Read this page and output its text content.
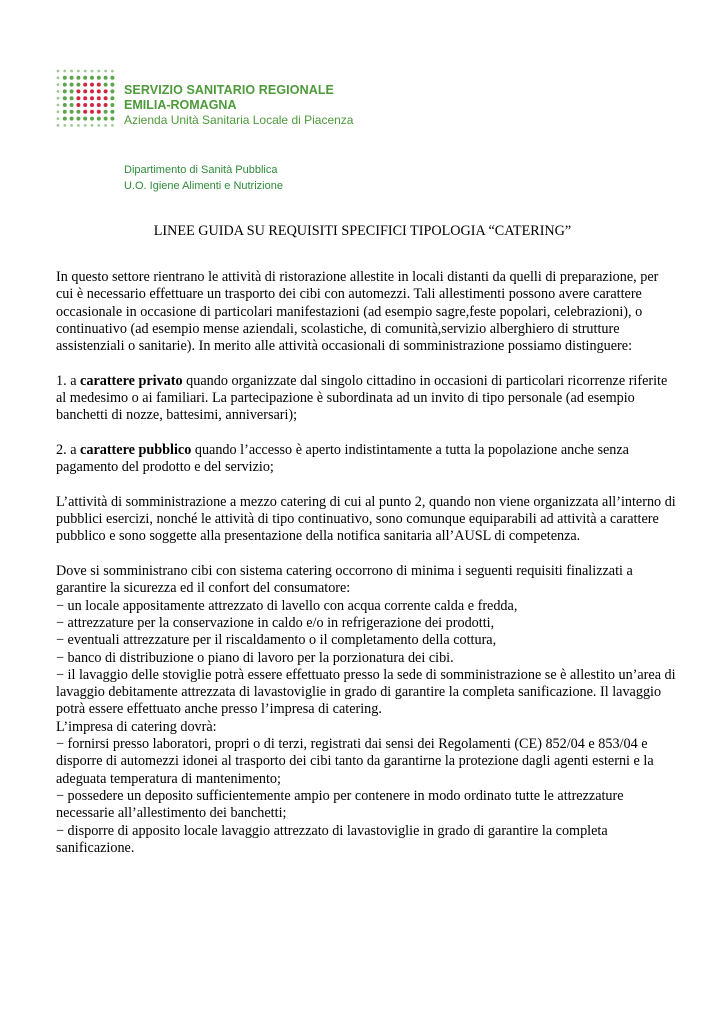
SERVIZIO SANITARIO REGIONALE
EMILIA-ROMAGNA
Azienda Unità Sanitaria Locale di Piacenza
Dipartimento di Sanità Pubblica
U.O. Igiene Alimenti e Nutrizione
LINEE GUIDA SU REQUISITI SPECIFICI TIPOLOGIA “CATERING”

In questo settore rientrano le attività di ristorazione allestite in locali distanti da quelli di preparazione, per cui è necessario effettuare un trasporto dei cibi con automezzi. Tali allestimenti possono avere carattere occasionale in occasione di particolari manifestazioni (ad esempio sagre,feste popolari, celebrazioni), o continuativo (ad esempio mense aziendali, scolastiche, di comunità,servizio alberghiero di strutture assistenziali o sanitarie). In merito alle attività occasionali di somministrazione possiamo distinguere:

1. a carattere privato quando organizzate dal singolo cittadino in occasioni di particolari ricorrenze riferite al medesimo o ai familiari. La partecipazione è subordinata ad un invito di tipo personale (ad esempio banchetti di nozze, battesimi, anniversari);

2. a carattere pubblico quando l’accesso è aperto indistintamente a tutta la popolazione anche senza pagamento del prodotto e del servizio;

L’attività di somministrazione a mezzo catering di cui al punto 2, quando non viene organizzata all’interno di pubblici esercizi, nonché le attività di tipo continuativo, sono comunque equiparabili ad attività a carattere pubblico e sono soggette alla presentazione della notifica sanitaria all’AUSL di competenza.

Dove si somministrano cibi con sistema catering occorrono di minima i seguenti requisiti finalizzati a garantire la sicurezza ed il confort del consumatore:

− un locale appositamente attrezzato di lavello con acqua corrente calda e fredda,

− attrezzature per la conservazione in caldo e/o in refrigerazione dei prodotti,

− eventuali attrezzature per il riscaldamento o il completamento della cottura,

− banco di distribuzione o piano di lavoro per la porzionatura dei cibi.

− il lavaggio delle stoviglie potrà essere effettuato presso la sede di somministrazione se è allestito un’area di lavaggio debitamente attrezzata di lavastoviglie in grado di garantire la completa sanificazione. Il lavaggio potrà essere effettuato anche presso l’impresa di catering.

L’impresa di catering dovrà:

− fornirsi presso laboratori, propri o di terzi, registrati dai sensi dei Regolamenti (CE) 852/04 e 853/04 e disporre di automezzi idonei al trasporto dei cibi tanto da garantirne la protezione dagli agenti esterni e la adeguata temperatura di mantenimento;

− possedere un deposito sufficientemente ampio per contenere in modo ordinato tutte le attrezzature necessarie all’allestimento dei banchetti;

− disporre di apposito locale lavaggio attrezzato di lavastoviglie in grado di garantire la completa sanificazione.
